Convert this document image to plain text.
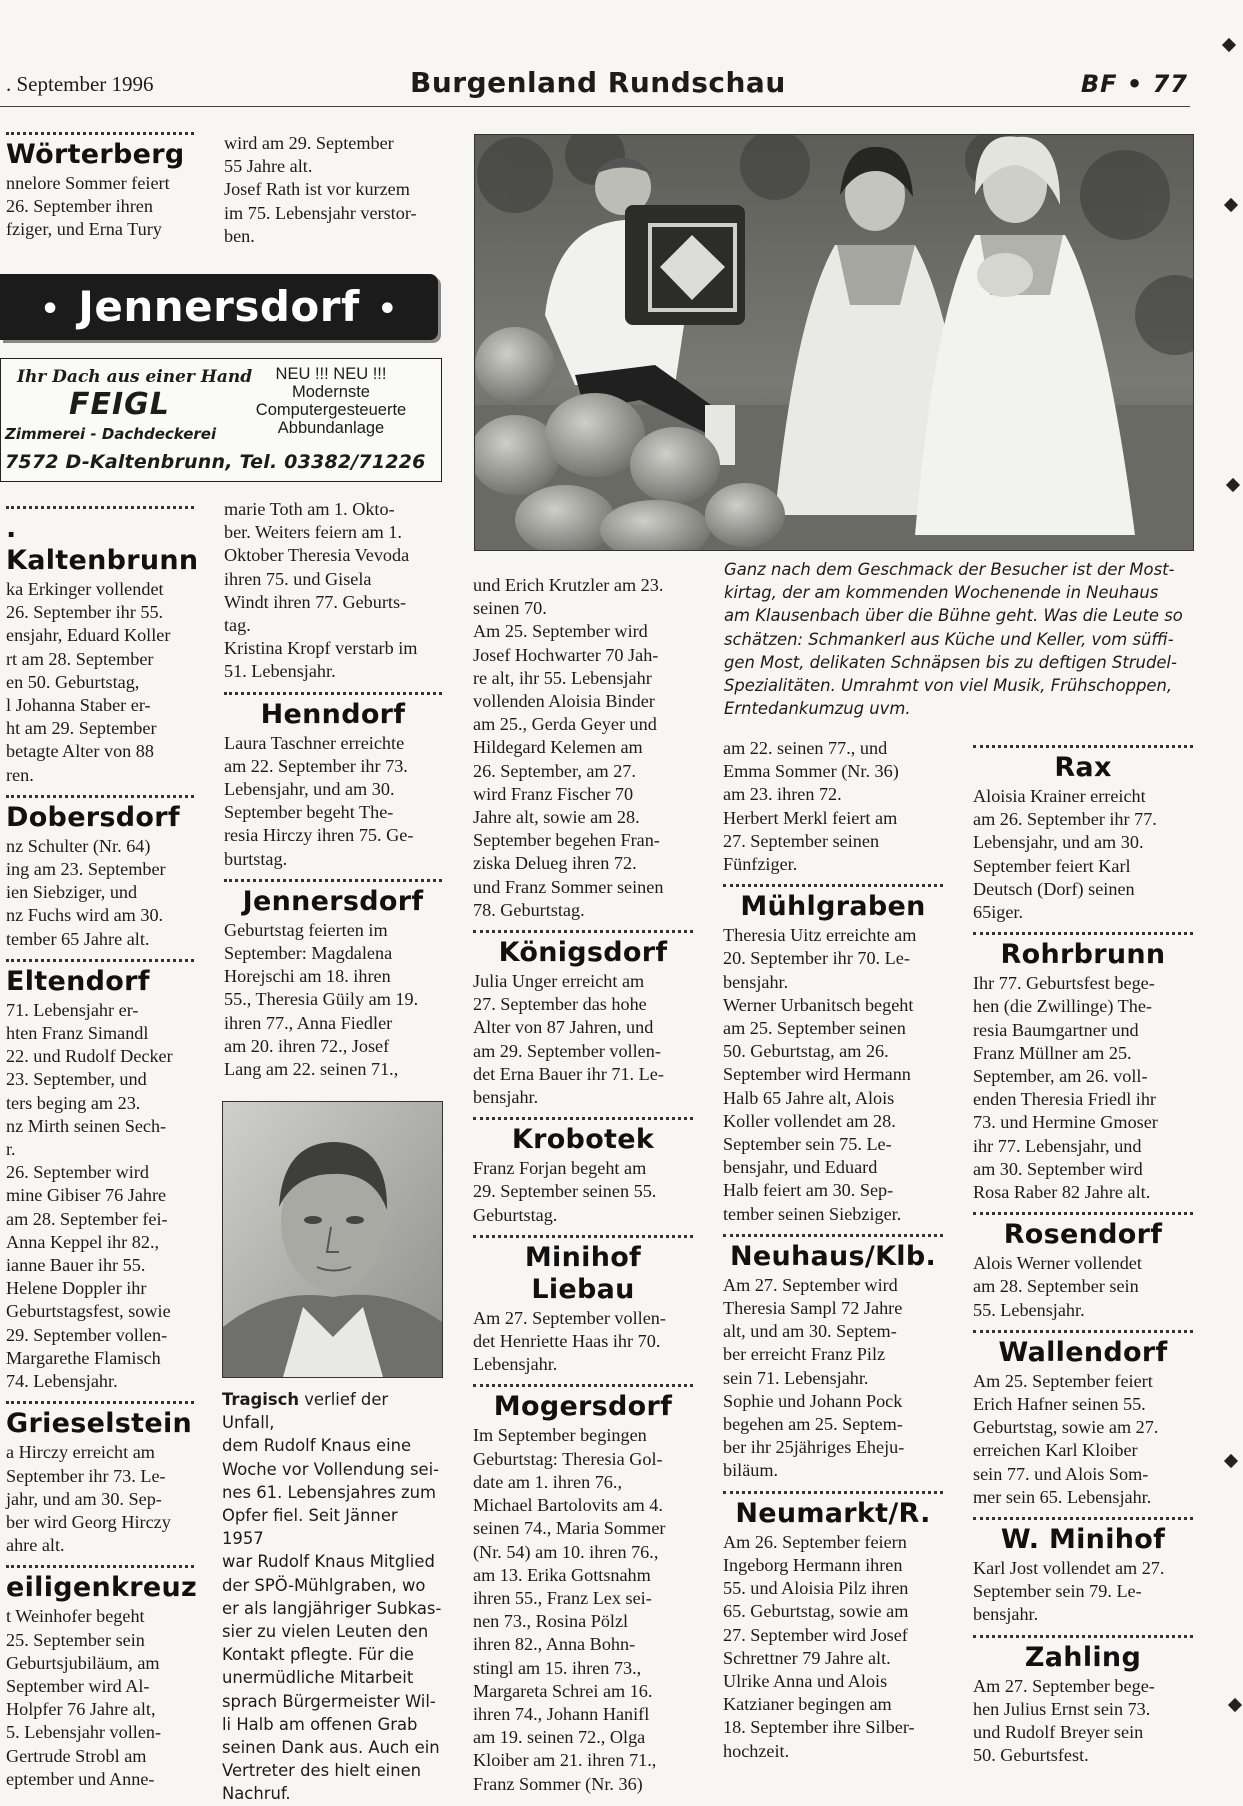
. September 1996	Burgenland Rundschau	BF • 77
Wörterberg
nnelore Sommer feiert
26. September ihren
fziger, und Erna Tury
wird am 29. September
55 Jahre alt.
Josef Rath ist vor kurzem
im 75. Lebensjahr verstor-
ben.
• Jennersdorf •
Ihr Dach aus einer Hand
FEIGL
Zimmerei - Dachdeckerei
NEU !!! NEU !!!
Modernste
Computergesteuerte
Abbundanlage
7572 D-Kaltenbrunn, Tel. 03382/71226
. Kaltenbrunn
ka Erkinger vollendet
26. September ihr 55.
ensjahr, Eduard Koller
rt am 28. September
en 50. Geburtstag,
l Johanna Staber er-
ht am 29. September
betagte Alter von 88
ren.
Dobersdorf
nz Schulter (Nr. 64)
ing am 23. September
ien Siebziger, und
nz Fuchs wird am 30.
tember 65 Jahre alt.
Eltendorf
71. Lebensjahr er-
hten Franz Simandl
22. und Rudolf Decker
23. September, und
ters beging am 23.
nz Mirth seinen Sech-
r.
26. September wird
mine Gibiser 76 Jahre
am 28. September fei-
Anna Keppel ihr 82.,
ianne Bauer ihr 55.
Helene Doppler ihr
Geburtstagsfest, sowie
29. September vollen-
Margarethe Flamisch
74. Lebensjahr.
Grieselstein
a Hirczy erreicht am
September ihr 73. Le-
jahr, und am 30. Sep-
ber wird Georg Hirczy
ahre alt.
eiligenkreuz
t Weinhofer begeht
25. September sein
Geburtsjubiläum, am
September wird Al-
Holpfer 76 Jahre alt,
5. Lebensjahr vollen-
Gertrude Strobl am
eptember und Anne-
marie Toth am 1. Okto-
ber. Weiters feiern am 1.
Oktober Theresia Vevoda
ihren 75. und Gisela
Windt ihren 77. Geburts-
tag.
Kristina Kropf verstarb im
51. Lebensjahr.
Henndorf
Laura Taschner erreichte
am 22. September ihr 73.
Lebensjahr, und am 30.
September begeht The-
resia Hirczy ihren 75. Ge-
burtstag.
Jennersdorf
Geburtstag feierten im
September: Magdalena
Horejschi am 18. ihren
55., Theresia Güily am 19.
ihren 77., Anna Fiedler
am 20. ihren 72., Josef
Lang am 22. seinen 71.,
Tragisch verlief der Unfall,
dem Rudolf Knaus eine
Woche vor Vollendung sei-
nes 61. Lebensjahres zum
Opfer fiel. Seit Jänner 1957
war Rudolf Knaus Mitglied
der SPÖ-Mühlgraben, wo
er als langjähriger Subkas-
sier zu vielen Leuten den
Kontakt pflegte. Für die
unermüdliche Mitarbeit
sprach Bürgermeister Wil-
li Halb am offenen Grab
seinen Dank aus. Auch ein
Vertreter des hielt einen
Nachruf.
Ganz nach dem Geschmack der Besucher ist der Most-
kirtag, der am kommenden Wochenende in Neuhaus
am Klausenbach über die Bühne geht. Was die Leute so
schätzen: Schmankerl aus Küche und Keller, vom süffi-
gen Most, delikaten Schnäpsen bis zu deftigen Strudel-
Spezialitäten. Umrahmt von viel Musik, Frühschoppen,
Erntedankumzug uvm.
und Erich Krutzler am 23.
seinen 70.
Am 25. September wird
Josef Hochwarter 70 Jah-
re alt, ihr 55. Lebensjahr
vollenden Aloisia Binder
am 25., Gerda Geyer und
Hildegard Kelemen am
26. September, am 27.
wird Franz Fischer 70
Jahre alt, sowie am 28.
September begehen Fran-
ziska Delueg ihren 72.
und Franz Sommer seinen
78. Geburtstag.
Königsdorf
Julia Unger erreicht am
27. September das hohe
Alter von 87 Jahren, und
am 29. September vollen-
det Erna Bauer ihr 71. Le-
bensjahr.
Krobotek
Franz Forjan begeht am
29. September seinen 55.
Geburtstag.
Minihof Liebau
Am 27. September vollen-
det Henriette Haas ihr 70.
Lebensjahr.
Mogersdorf
Im September begingen
Geburtstag: Theresia Gol-
date am 1. ihren 76.,
Michael Bartolovits am 4.
seinen 74., Maria Sommer
(Nr. 54) am 10. ihren 76.,
am 13. Erika Gottsnahm
ihren 55., Franz Lex sei-
nen 73., Rosina Pölzl
ihren 82., Anna Bohn-
stingl am 15. ihren 73.,
Margareta Schrei am 16.
ihren 74., Johann Hanifl
am 19. seinen 72., Olga
Kloiber am 21. ihren 71.,
Franz Sommer (Nr. 36)
am 22. seinen 77., und
Emma Sommer (Nr. 36)
am 23. ihren 72.
Herbert Merkl feiert am
27. September seinen
Fünfziger.
Mühlgraben
Theresia Uitz erreichte am
20. September ihr 70. Le-
bensjahr.
Werner Urbanitsch begeht
am 25. September seinen
50. Geburtstag, am 26.
September wird Hermann
Halb 65 Jahre alt, Alois
Koller vollendet am 28.
September sein 75. Le-
bensjahr, und Eduard
Halb feiert am 30. Sep-
tember seinen Siebziger.
Neuhaus/Klb.
Am 27. September wird
Theresia Sampl 72 Jahre
alt, und am 30. Septem-
ber erreicht Franz Pilz
sein 71. Lebensjahr.
Sophie und Johann Pock
begehen am 25. Septem-
ber ihr 25jähriges Eheju-
biläum.
Neumarkt/R.
Am 26. September feiern
Ingeborg Hermann ihren
55. und Aloisia Pilz ihren
65. Geburtstag, sowie am
27. September wird Josef
Schrettner 79 Jahre alt.
Ulrike Anna und Alois
Katzianer begingen am
18. September ihre Silber-
hochzeit.
Rax
Aloisia Krainer erreicht
am 26. September ihr 77.
Lebensjahr, und am 30.
September feiert Karl
Deutsch (Dorf) seinen
65iger.
Rohrbrunn
Ihr 77. Geburtsfest bege-
hen (die Zwillinge) The-
resia Baumgartner und
Franz Müllner am 25.
September, am 26. voll-
enden Theresia Friedl ihr
73. und Hermine Gmoser
ihr 77. Lebensjahr, und
am 30. September wird
Rosa Raber 82 Jahre alt.
Rosendorf
Alois Werner vollendet
am 28. September sein
55. Lebensjahr.
Wallendorf
Am 25. September feiert
Erich Hafner seinen 55.
Geburtstag, sowie am 27.
erreichen Karl Kloiber
sein 77. und Alois Som-
mer sein 65. Lebensjahr.
W. Minihof
Karl Jost vollendet am 27.
September sein 79. Le-
bensjahr.
Zahling
Am 27. September bege-
hen Julius Ernst sein 73.
und Rudolf Breyer sein
50. Geburtsfest.
